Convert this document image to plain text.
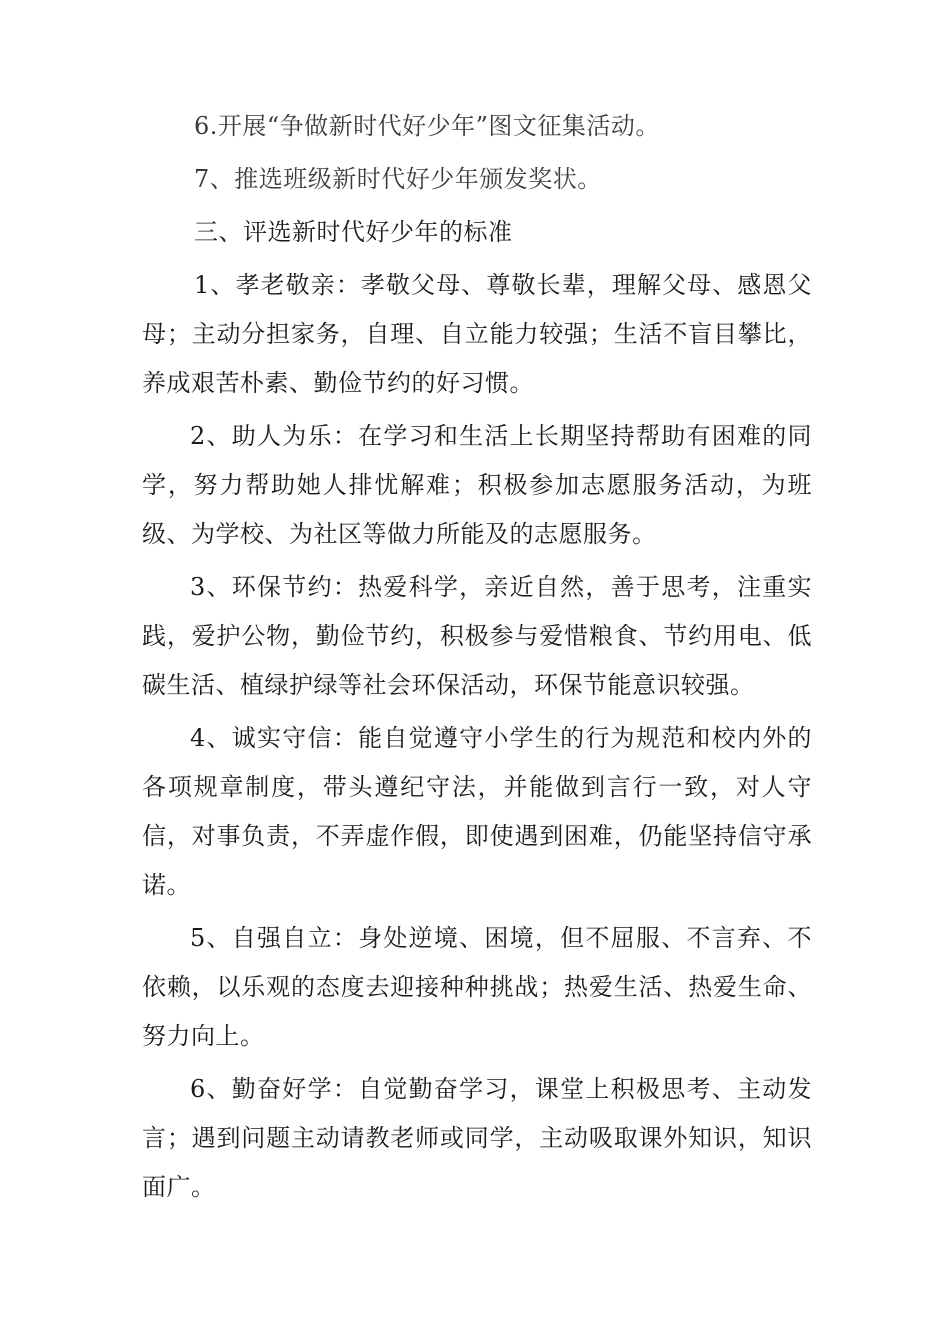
6.开展“争做新时代好少年”图文征集活动。

7、推选班级新时代好少年颁发奖状。

三、评选新时代好少年的标准

1、孝老敬亲：孝敬父母、尊敬长辈，理解父母、感恩父母；主动分担家务，自理、自立能力较强；生活不盲目攀比，养成艰苦朴素、勤俭节约的好习惯。

2、助人为乐：在学习和生活上长期坚持帮助有困难的同学，努力帮助她人排忧解难；积极参加志愿服务活动，为班级、为学校、为社区等做力所能及的志愿服务。

3、环保节约：热爱科学，亲近自然，善于思考，注重实践，爱护公物，勤俭节约，积极参与爱惜粮食、节约用电、低碳生活、植绿护绿等社会环保活动，环保节能意识较强。

4、诚实守信：能自觉遵守小学生的行为规范和校内外的各项规章制度，带头遵纪守法，并能做到言行一致，对人守信，对事负责，不弄虚作假，即使遇到困难，仍能坚持信守承诺。

5、自强自立：身处逆境、困境，但不屈服、不言弃、不依赖，以乐观的态度去迎接种种挑战；热爱生活、热爱生命、努力向上。

6、勤奋好学：自觉勤奋学习，课堂上积极思考、主动发言；遇到问题主动请教老师或同学，主动吸取课外知识，知识面广。
